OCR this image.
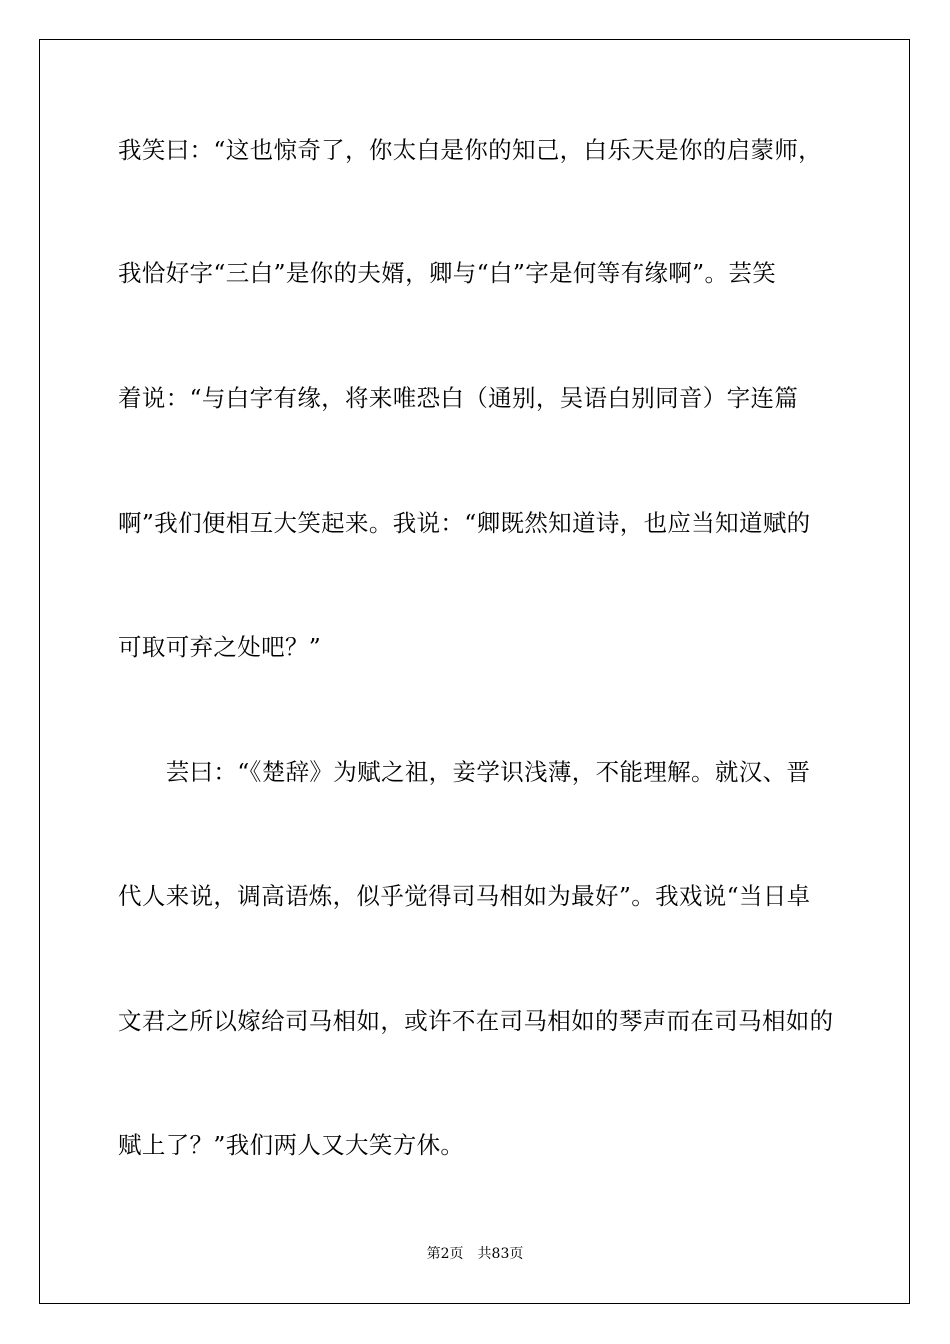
我笑曰：“这也惊奇了，你太白是你的知己，白乐天是你的启蒙师，
我恰好字“三白”是你的夫婿，卿与“白”字是何等有缘啊”。芸笑
着说：“与白字有缘，将来唯恐白（通别，吴语白别同音）字连篇
啊”我们便相互大笑起来。我说：“卿既然知道诗，也应当知道赋的
可取可弃之处吧？”
　　芸曰：“《楚辞》为赋之祖，妾学识浅薄，不能理解。就汉、晋
代人来说，调高语炼，似乎觉得司马相如为最好”。我戏说“当日卓
文君之所以嫁给司马相如，或许不在司马相如的琴声而在司马相如的
赋上了？”我们两人又大笑方休。
第2页　共83页
